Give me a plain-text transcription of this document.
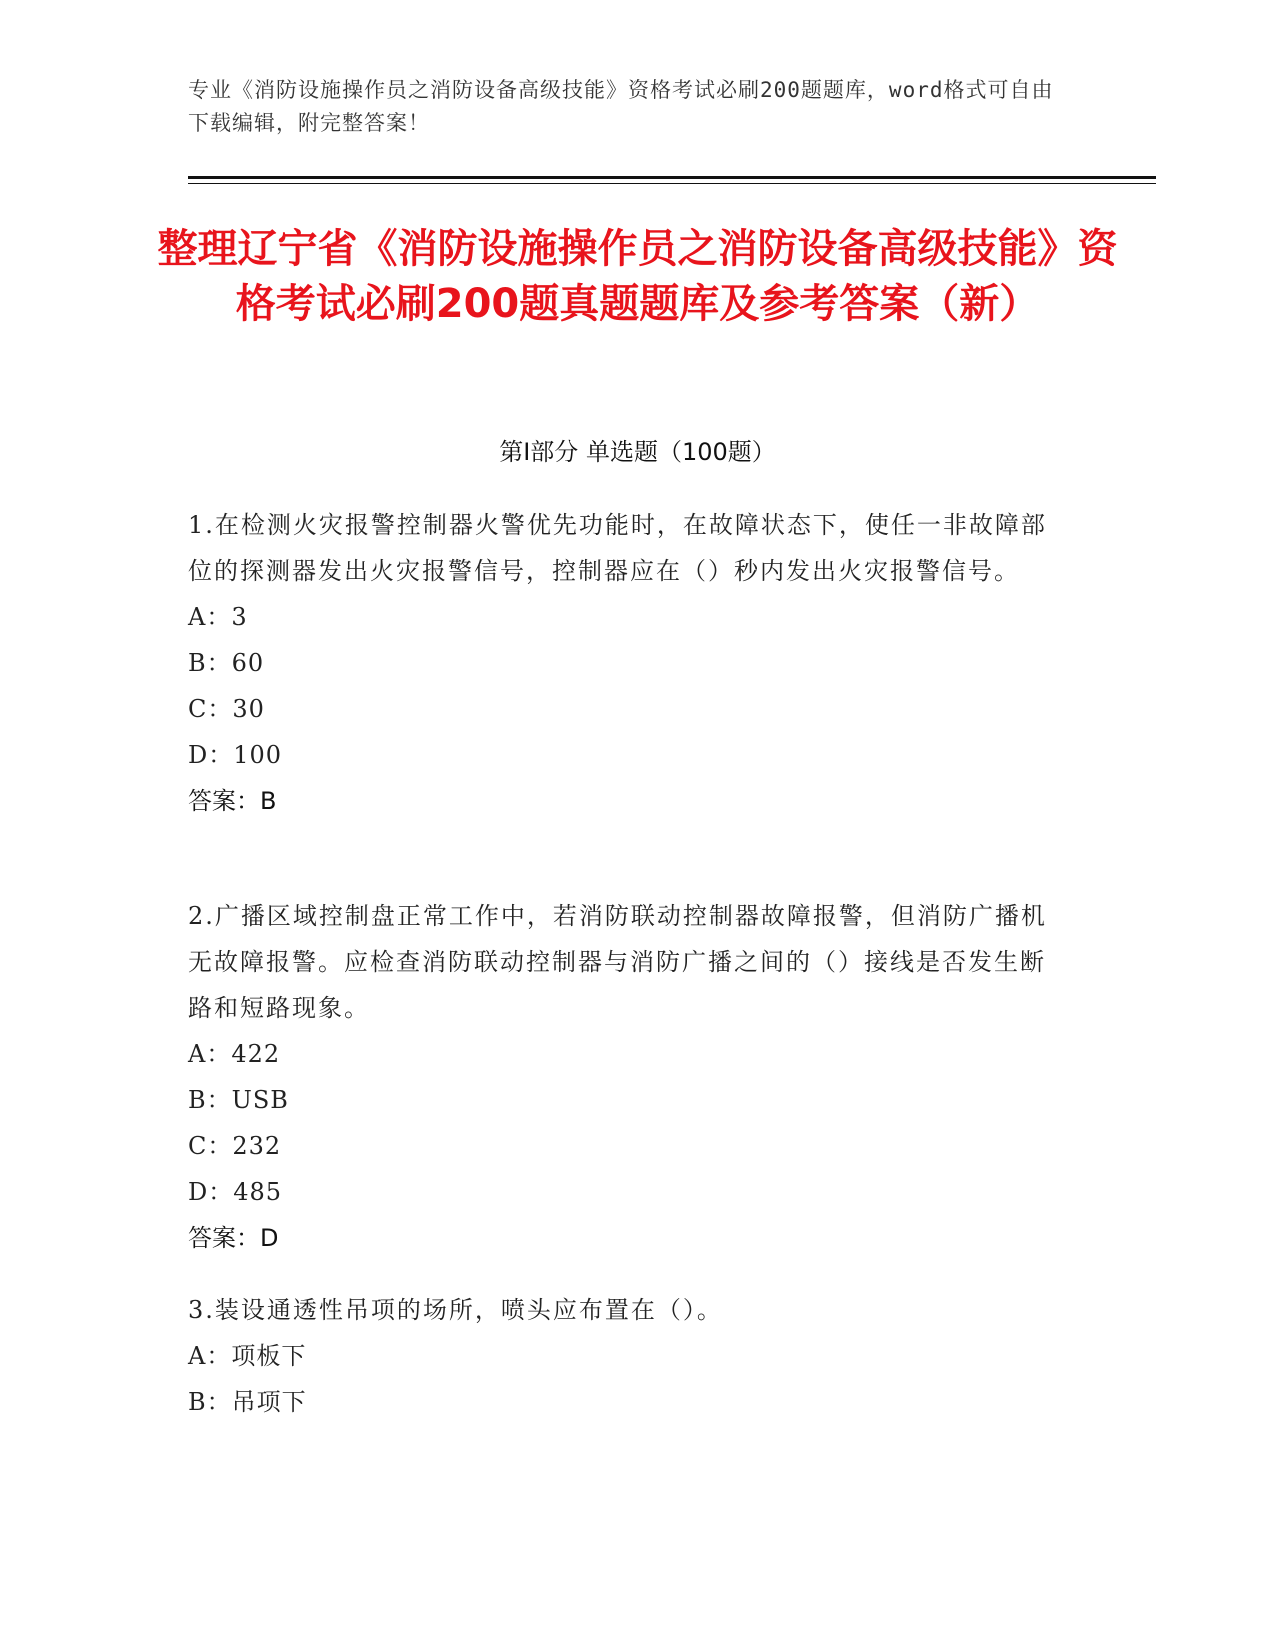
专业《消防设施操作员之消防设备高级技能》资格考试必刷200题题库，word格式可自由下载编辑，附完整答案！
整理辽宁省《消防设施操作员之消防设备高级技能》资格考试必刷200题真题题库及参考答案（新）
第I部分 单选题（100题）
1.在检测火灾报警控制器火警优先功能时，在故障状态下，使任一非故障部位的探测器发出火灾报警信号，控制器应在（）秒内发出火灾报警信号。
A：3
B：60
C：30
D：100
答案：B
2.广播区域控制盘正常工作中，若消防联动控制器故障报警，但消防广播机无故障报警。应检查消防联动控制器与消防广播之间的（）接线是否发生断路和短路现象。
A：422
B：USB
C：232
D：485
答案：D
3.装设通透性吊项的场所，喷头应布置在（）。
A：项板下
B：吊项下
